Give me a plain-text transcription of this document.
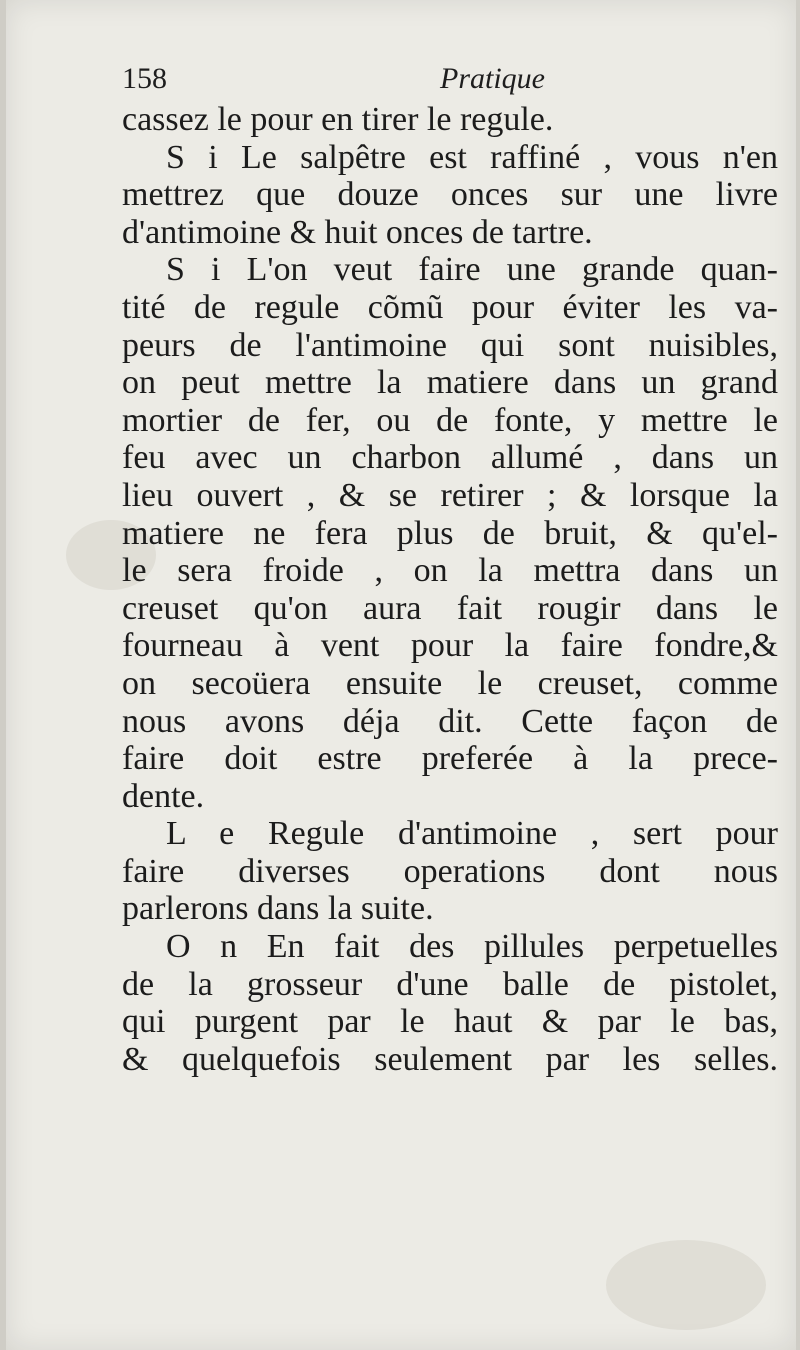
158	Pratique
cassez le pour en tirer le regule.
S i Le salpêtre est raffiné , vous n'en
mettrez que douze onces sur une livre
d'antimoine & huit onces de tartre.
S i L'on veut faire une grande quan-
tité de regule cõmũ pour éviter les va-
peurs de l'antimoine qui sont nuisibles,
on peut mettre la matiere dans un grand
mortier de fer, ou de fonte, y mettre le
feu avec un charbon allumé , dans un
lieu ouvert , & se retirer ; & lorsque la
matiere ne fera plus de bruit, & qu'el-
le sera froide , on la mettra dans un
creuset qu'on aura fait rougir dans le
fourneau à vent pour la faire fondre,&
on secoüera ensuite le creuset, comme
nous avons déja dit. Cette façon de
faire doit estre preferée à la prece-
dente.
L e Regule d'antimoine , sert pour
faire diverses operations dont nous
parlerons dans la suite.
O n En fait des pillules perpetuelles
de la grosseur d'une balle de pistolet,
qui purgent par le haut & par le bas,
& quelquefois seulement par les selles.
